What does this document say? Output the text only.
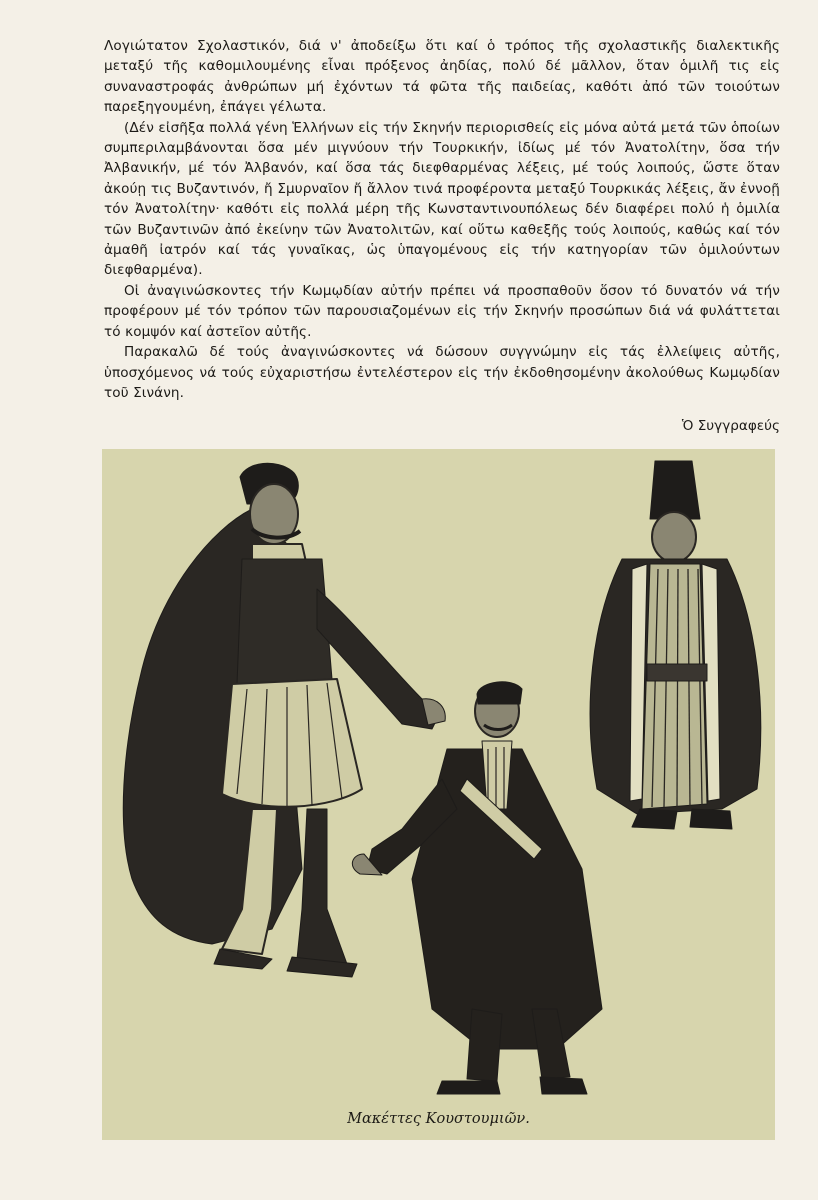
Λογιώτατον Σχολαστικόν, διά ν' ἀποδείξω ὅτι καί ὁ τρόπος τῆς σχολαστικῆς διαλεκτικῆς μεταξύ τῆς καθομιλουμένης εἶναι πρόξενος ἀηδίας, πολύ δέ μᾶλλον, ὅταν ὁμιλῆ τις εἰς συναναστροφάς ἀνθρώπων μή ἐχόντων τά φῶτα τῆς παιδείας, καθότι ἀπό τῶν τοιούτων παρεξηγουμένη, ἐπάγει γέλωτα.

(Δέν εἰσῆξα πολλά γένη Ἑλλήνων εἰς τήν Σκηνήν περιορισθείς εἰς μόνα αὐτά μετά τῶν ὁποίων συμπεριλαμβάνονται ὅσα μέν μιγνύουν τήν Τουρκικήν, ἰδίως μέ τόν Ἀνατολίτην, ὅσα τήν Ἀλβανικήν, μέ τόν Ἀλβανόν, καί ὅσα τάς διεφθαρμένας λέξεις, μέ τούς λοιπούς, ὥστε ὅταν ἀκούῃ τις Βυζαντινόν, ἤ Σμυρναῖον ἤ ἄλλον τινά προφέροντα μεταξύ Τουρκικάς λέξεις, ἄν ἐννοῇ τόν Ἀνατολίτην· καθότι εἰς πολλά μέρη τῆς Κωνσταντινουπόλεως δέν διαφέρει πολύ ἡ ὁμιλία τῶν Βυζαντινῶν ἀπό ἐκείνην τῶν Ἀνατολιτῶν, καί οὕτω καθεξῆς τούς λοιπούς, καθώς καί τόν ἀμαθῆ ἰατρόν καί τάς γυναῖκας, ὡς ὑπαγομένους εἰς τήν κατηγορίαν τῶν ὁμιλούντων διεφθαρμένα).

Οἱ ἀναγινώσκοντες τήν Κωμῳδίαν αὐτήν πρέπει νά προσπαθοῦν ὅσον τό δυνατόν νά τήν προφέρουν μέ τόν τρόπον τῶν παρουσιαζομένων εἰς τήν Σκηνήν προσώπων διά νά φυλάττεται τό κομψόν καί ἀστεῖον αὐτῆς.

Παρακαλῶ δέ τούς ἀναγινώσκοντες νά δώσουν συγγνώμην εἰς τάς ἐλλείψεις αὐτῆς, ὑποσχόμενος νά τούς εὐχαριστήσω ἐντελέστερον εἰς τήν ἐκδοθησομένην ἀκολούθως Κωμῳδίαν τοῦ Σινάνη.

Ὁ Συγγραφεύς
Μακέττες Κουστουμιῶν.
